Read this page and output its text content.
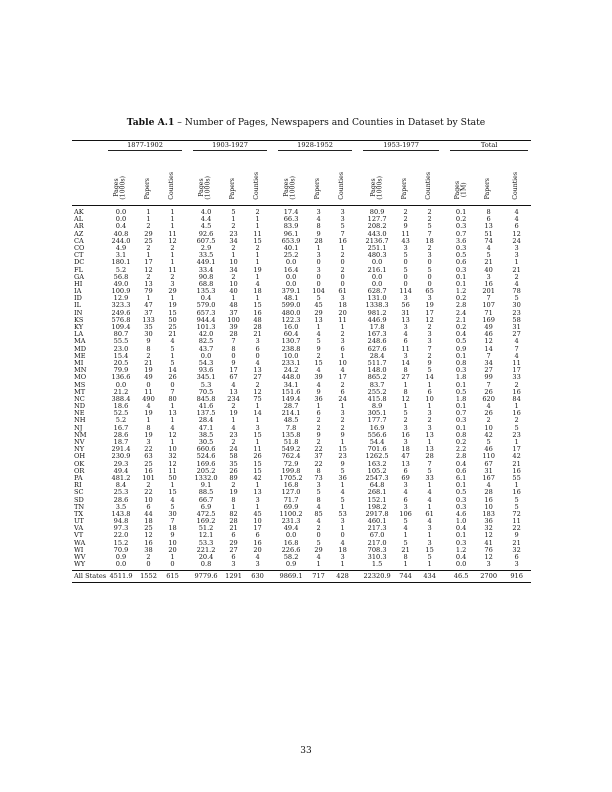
Table A.1 – Number of Pages, Newspapers and Counties in Dataset by State

	1877-1902				1903-1927				1928-1952				1953-1977				Total		

	Pages
(1000s)	Papers	Counties		Pages
(1000s)	Papers	Counties		Pages
(1000s)	Papers	Counties		Pages
(1000s)	Papers	Counties		Pages
(1M)	Papers	Counties
AK	0.0	1	1		4.0	5	2		17.4	3	3		80.9	2	2		0.1	8	4
AL	0.0	1	1		4.4	1	1		66.3	4	3		127.7	2	2		0.2	6	4
AR	0.4	2	1		4.5	2	1		83.9	8	5		208.2	9	5		0.3	13	6
AZ	40.8	29	11		92.6	23	11		96.1	9	7		443.0	11	7		0.7	51	12
CA	244.0	25	12		607.5	34	15		653.9	28	16		2136.7	43	18		3.6	74	24
CO	4.9	2	2		2.9	2	2		40.1	1	1		251.1	3	2		0.3	4	3
CT	3.1	1	1		33.5	1	1		25.2	3	2		480.3	5	3		0.5	5	3
DC	180.1	17	1		449.1	10	1		0.0	0	0		0.0	0	0		0.6	21	1
FL	5.2	12	11		33.4	34	19		16.4	3	2		216.1	5	5		0.3	40	21
GA	56.8	2	2		90.8	2	1		0.0	0	0		0.0	0	0		0.1	3	2
HI	49.0	13	3		68.8	10	4		0.0	0	0		0.0	0	0		0.1	16	4
IA	100.9	79	29		135.3	40	18		379.1	104	61		628.7	114	65		1.2	201	78
ID	12.9	1	1		0.4	1	1		48.1	5	3		131.0	3	3		0.2	7	5
IL	323.3	47	19		579.0	48	15		599.0	45	18		1338.3	56	19		2.8	107	30
IN	249.6	37	15		657.3	37	16		480.0	29	20		981.2	31	17		2.4	71	23
KS	576.8	133	50		944.4	100	48		122.3	13	11		446.9	13	12		2.1	169	58
KY	109.4	35	25		101.3	39	28		16.0	1	1		17.8	3	2		0.2	49	31
LA	80.7	30	21		42.0	28	21		60.4	4	2		167.3	4	3		0.4	46	27
MA	55.5	9	4		82.5	7	3		130.7	5	3		248.6	6	3		0.5	12	4
MD	23.0	8	5		43.7	8	6		238.8	9	6		627.6	11	7		0.9	14	7
ME	15.4	2	1		0.0	0	0		10.0	2	1		28.4	3	2		0.1	7	4
MI	20.5	21	5		54.3	9	4		233.1	15	10		511.7	14	9		0.8	34	11
MN	79.9	19	14		93.6	17	13		24.2	4	4		148.0	8	5		0.3	27	17
MO	136.6	49	26		345.1	67	27		448.0	39	17		865.2	27	14		1.8	99	33
MS	0.0	0	0		5.3	4	2		34.1	4	2		83.7	1	1		0.1	7	2
MT	21.2	11	7		70.5	13	12		151.6	9	6		255.2	8	6		0.5	26	16
NC	388.4	490	80		845.8	234	75		149.4	36	24		415.8	12	10		1.8	620	84
ND	18.6	4	1		41.6	2	1		28.7	1	1		8.9	1	1		0.1	4	1
NE	52.5	19	13		137.5	19	14		214.1	6	3		305.1	5	3		0.7	26	16
NH	5.2	1	1		28.4	1	1		48.5	2	2		177.7	2	2		0.3	2	2
NJ	16.7	8	4		47.1	4	3		7.8	2	2		16.9	3	3		0.1	10	5
NM	28.6	19	12		38.5	23	15		135.8	9	9		556.6	16	13		0.8	42	23
NV	18.7	3	1		30.5	2	1		51.8	2	1		54.4	3	1		0.2	5	1
NY	291.4	22	10		660.6	24	11		549.2	22	15		701.6	18	13		2.2	46	17
OH	230.9	63	32		524.6	58	26		762.4	37	23		1262.5	47	28		2.8	110	42
OK	29.3	25	12		169.6	35	15		72.9	22	9		163.2	13	7		0.4	67	21
OR	49.4	16	11		205.2	26	15		199.8	8	5		105.2	6	5		0.6	31	16
PA	481.2	101	50		1332.0	89	42		1705.2	73	36		2547.3	69	33		6.1	167	55
RI	8.4	2	1		9.1	2	1		16.8	3	1		64.8	3	1		0.1	4	1
SC	25.3	22	15		88.5	19	13		127.0	5	4		268.1	4	4		0.5	28	16
SD	28.6	10	4		66.7	8	3		71.7	8	5		152.1	6	4		0.3	16	5
TN	3.5	6	5		6.9	1	1		69.9	4	1		198.2	3	1		0.3	10	5
TX	143.8	44	30		472.5	82	45		1100.2	85	53		2917.8	106	61		4.6	183	72
UT	94.8	18	7		169.2	28	10		231.3	4	3		460.1	5	4		1.0	36	11
VA	97.3	25	18		51.2	21	17		49.4	2	1		217.3	4	3		0.4	32	22
VT	22.0	12	9		12.1	6	6		0.0	0	0		67.0	1	1		0.1	12	9
WA	15.2	16	10		53.3	29	16		16.8	5	4		217.0	5	3		0.3	41	21
WI	70.9	38	20		221.2	27	20		226.6	29	18		708.3	21	15		1.2	76	32
WV	0.9	2	1		20.4	6	4		58.2	4	3		310.3	8	5		0.4	12	6
WY	0.0	0	0		0.8	3	3		0.9	1	1		1.5	1	1		0.0	3	3
All States	4511.9	1552	615		9779.6	1291	630		9869.1	717	428		22320.9	744	434		46.5	2700	916
33
